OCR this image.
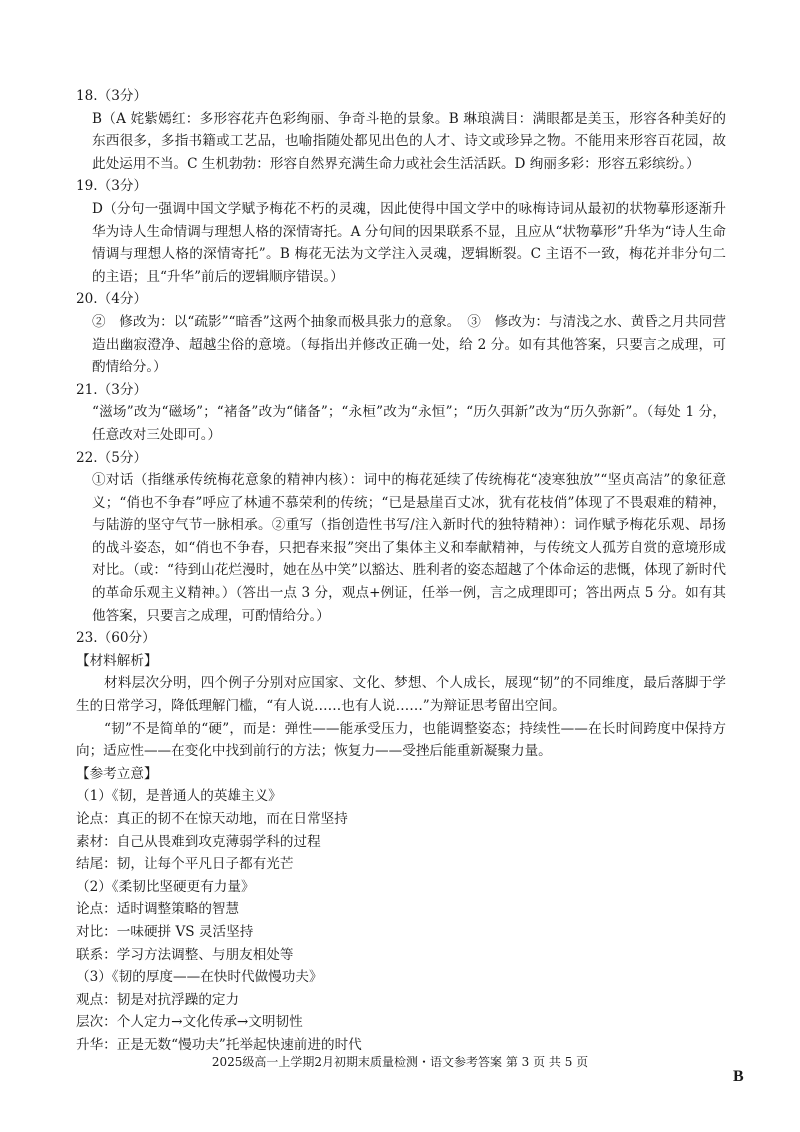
18.（3分）

B（A 姹紫嫣红：多形容花卉色彩绚丽、争奇斗艳的景象。B 琳琅满目：满眼都是美玉，形容各种美好的东西很多，多指书籍或工艺品，也喻指随处都见出色的人才、诗文或珍异之物。不能用来形容百花园，故此处运用不当。C 生机勃勃：形容自然界充满生命力或社会生活活跃。D 绚丽多彩：形容五彩缤纷。）

19.（3分）

D（分句一强调中国文学赋予梅花不朽的灵魂，因此使得中国文学中的咏梅诗词从最初的状物摹形逐渐升华为诗人生命情调与理想人格的深情寄托。A 分句间的因果联系不显，且应从“状物摹形”升华为“诗人生命情调与理想人格的深情寄托”。B 梅花无法为文学注入灵魂，逻辑断裂。C 主语不一致，梅花并非分句二的主语；且“升华”前后的逻辑顺序错误。）

20.（4分）

②　修改为：以“疏影”“暗香”这两个抽象而极具张力的意象。　③　修改为：与清浅之水、黄昏之月共同营造出幽寂澄净、超越尘俗的意境。（每指出并修改正确一处，给 2 分。如有其他答案，只要言之成理，可酌情给分。）

21.（3分）

“滋场”改为“磁场”；“褚备”改为“储备”；“永桓”改为“永恒”；“历久弭新”改为“历久弥新”。（每处 1 分，任意改对三处即可。）

22.（5分）

①对话（指继承传统梅花意象的精神内核）：词中的梅花延续了传统梅花“凌寒独放”“坚贞高洁”的象征意义；“俏也不争春”呼应了林逋不慕荣利的传统；“已是悬崖百丈冰，犹有花枝俏”体现了不畏艰难的精神，与陆游的坚守气节一脉相承。②重写（指创造性书写/注入新时代的独特精神）：词作赋予梅花乐观、昂扬的战斗姿态，如“俏也不争春，只把春来报”突出了集体主义和奉献精神，与传统文人孤芳自赏的意境形成对比。（或：“待到山花烂漫时，她在丛中笑”以豁达、胜利者的姿态超越了个体命运的悲慨，体现了新时代的革命乐观主义精神。）（答出一点 3 分，观点+例证，任举一例，言之成理即可；答出两点 5 分。如有其他答案，只要言之成理，可酌情给分。）

23.（60分）

【材料解析】

材料层次分明，四个例子分别对应国家、文化、梦想、个人成长，展现“韧”的不同维度，最后落脚于学生的日常学习，降低理解门槛，“有人说……也有人说……”为辩证思考留出空间。

“韧”不是简单的“硬”，而是：弹性——能承受压力，也能调整姿态；持续性——在长时间跨度中保持方向；适应性——在变化中找到前行的方法；恢复力——受挫后能重新凝聚力量。

【参考立意】

（1）《韧，是普通人的英雄主义》

论点：真正的韧不在惊天动地，而在日常坚持

素材：自己从畏难到攻克薄弱学科的过程

结尾：韧，让每个平凡日子都有光芒

（2）《柔韧比坚硬更有力量》

论点：适时调整策略的智慧

对比：一味硬拼 VS 灵活坚持

联系：学习方法调整、与朋友相处等

（3）《韧的厚度——在快时代做慢功夫》

观点：韧是对抗浮躁的定力

层次：个人定力→文化传承→文明韧性

升华：正是无数“慢功夫”托举起快速前进的时代

2025级高一上学期2月初期末质量检测・语文参考答案 第 3 页 共 5 页
B
